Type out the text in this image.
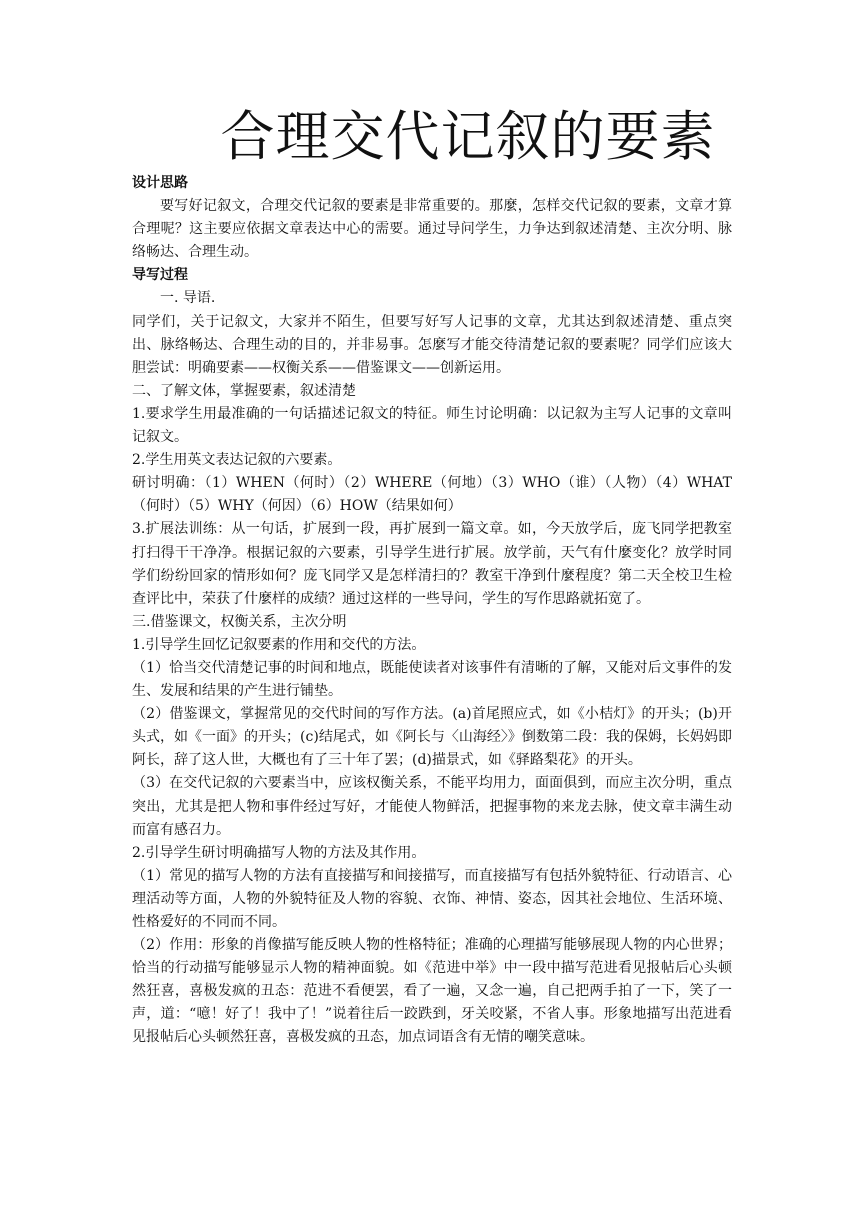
合理交代记叙的要素

设计思路

要写好记叙文，合理交代记叙的要素是非常重要的。那麼，怎样交代记叙的要素，文章才算合理呢？这主要应依据文章表达中心的需要。通过导问学生，力争达到叙述清楚、主次分明、脉络畅达、合理生动。

导写过程

一. 导语.

同学们，关于记叙文，大家并不陌生，但要写好写人记事的文章，尤其达到叙述清楚、重点突出、脉络畅达、合理生动的目的，并非易事。怎麼写才能交待清楚记叙的要素呢？同学们应该大胆尝试：明确要素——权衡关系——借鉴课文——创新运用。

二、了解文体，掌握要素，叙述清楚

1.要求学生用最准确的一句话描述记叙文的特征。师生讨论明确：以记叙为主写人记事的文章叫记叙文。

2.学生用英文表达记叙的六要素。

研讨明确：（1）WHEN（何时）（2）WHERE（何地）（3）WHO（谁）（人物）（4）WHAT（何时）（5）WHY（何因）（6）HOW（结果如何）

3.扩展法训练：从一句话，扩展到一段，再扩展到一篇文章。如，今天放学后，庞飞同学把教室打扫得干干净净。根据记叙的六要素，引导学生进行扩展。放学前，天气有什麼变化？放学时同学们纷纷回家的情形如何？庞飞同学又是怎样清扫的？教室干净到什麼程度？第二天全校卫生检查评比中，荣获了什麼样的成绩？通过这样的一些导问，学生的写作思路就拓宽了。

三.借鉴课文，权衡关系，主次分明

1.引导学生回忆记叙要素的作用和交代的方法。

（1）恰当交代清楚记事的时间和地点，既能使读者对该事件有清晰的了解，又能对后文事件的发生、发展和结果的产生进行铺垫。

（2）借鉴课文，掌握常见的交代时间的写作方法。(a)首尾照应式，如《小桔灯》的开头；(b)开头式，如《一面》的开头；(c)结尾式，如《阿长与〈山海经〉》倒数第二段：我的保姆，长妈妈即阿长，辞了这人世，大概也有了三十年了罢；(d)描景式，如《驿路梨花》的开头。

（3）在交代记叙的六要素当中，应该权衡关系，不能平均用力，面面俱到，而应主次分明，重点突出，尤其是把人物和事件经过写好，才能使人物鲜活，把握事物的来龙去脉，使文章丰满生动而富有感召力。

2.引导学生研讨明确描写人物的方法及其作用。

（1）常见的描写人物的方法有直接描写和间接描写，而直接描写有包括外貌特征、行动语言、心理活动等方面，人物的外貌特征及人物的容貌、衣饰、神情、姿态，因其社会地位、生活环境、性格爱好的不同而不同。

（2）作用：形象的肖像描写能反映人物的性格特征；准确的心理描写能够展现人物的内心世界；恰当的行动描写能够显示人物的精神面貌。如《范进中举》中一段中描写范进看见报帖后心头顿然狂喜，喜极发疯的丑态：范进不看便罢，看了一遍，又念一遍，自己把两手拍了一下，笑了一声，道：“噫！好了！我中了！”说着往后一跤跌到，牙关咬紧，不省人事。形象地描写出范进看见报帖后心头顿然狂喜，喜极发疯的丑态，加点词语含有无情的嘲笑意味。
